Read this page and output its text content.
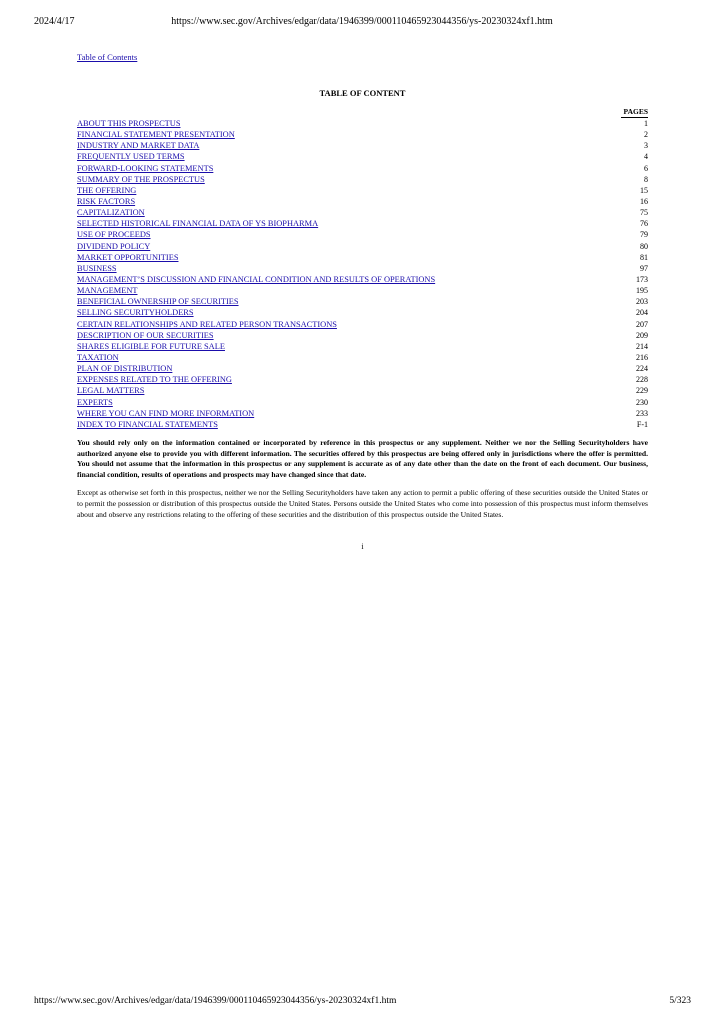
2024/4/17	https://www.sec.gov/Archives/edgar/data/1946399/000110465923044356/ys-20230324xf1.htm
Table of Contents
TABLE OF CONTENT
PAGES
ABOUT THIS PROSPECTUS	1
FINANCIAL STATEMENT PRESENTATION	2
INDUSTRY AND MARKET DATA	3
FREQUENTLY USED TERMS	4
FORWARD-LOOKING STATEMENTS	6
SUMMARY OF THE PROSPECTUS	8
THE OFFERING	15
RISK FACTORS	16
CAPITALIZATION	75
SELECTED HISTORICAL FINANCIAL DATA OF YS BIOPHARMA	76
USE OF PROCEEDS	79
DIVIDEND POLICY	80
MARKET OPPORTUNITIES	81
BUSINESS	97
MANAGEMENT’S DISCUSSION AND FINANCIAL CONDITION AND RESULTS OF OPERATIONS	173
MANAGEMENT	195
BENEFICIAL OWNERSHIP OF SECURITIES	203
SELLING SECURITYHOLDERS	204
CERTAIN RELATIONSHIPS AND RELATED PERSON TRANSACTIONS	207
DESCRIPTION OF OUR SECURITIES	209
SHARES ELIGIBLE FOR FUTURE SALE	214
TAXATION	216
PLAN OF DISTRIBUTION	224
EXPENSES RELATED TO THE OFFERING	228
LEGAL MATTERS	229
EXPERTS	230
WHERE YOU CAN FIND MORE INFORMATION	233
INDEX TO FINANCIAL STATEMENTS	F-1
You should rely only on the information contained or incorporated by reference in this prospectus or any supplement. Neither we nor the Selling Securityholders have authorized anyone else to provide you with different information. The securities offered by this prospectus are being offered only in jurisdictions where the offer is permitted. You should not assume that the information in this prospectus or any supplement is accurate as of any date other than the date on the front of each document. Our business, financial condition, results of operations and prospects may have changed since that date.
Except as otherwise set forth in this prospectus, neither we nor the Selling Securityholders have taken any action to permit a public offering of these securities outside the United States or to permit the possession or distribution of this prospectus outside the United States. Persons outside the United States who come into possession of this prospectus must inform themselves about and observe any restrictions relating to the offering of these securities and the distribution of this prospectus outside the United States.
i
https://www.sec.gov/Archives/edgar/data/1946399/000110465923044356/ys-20230324xf1.htm	5/323
